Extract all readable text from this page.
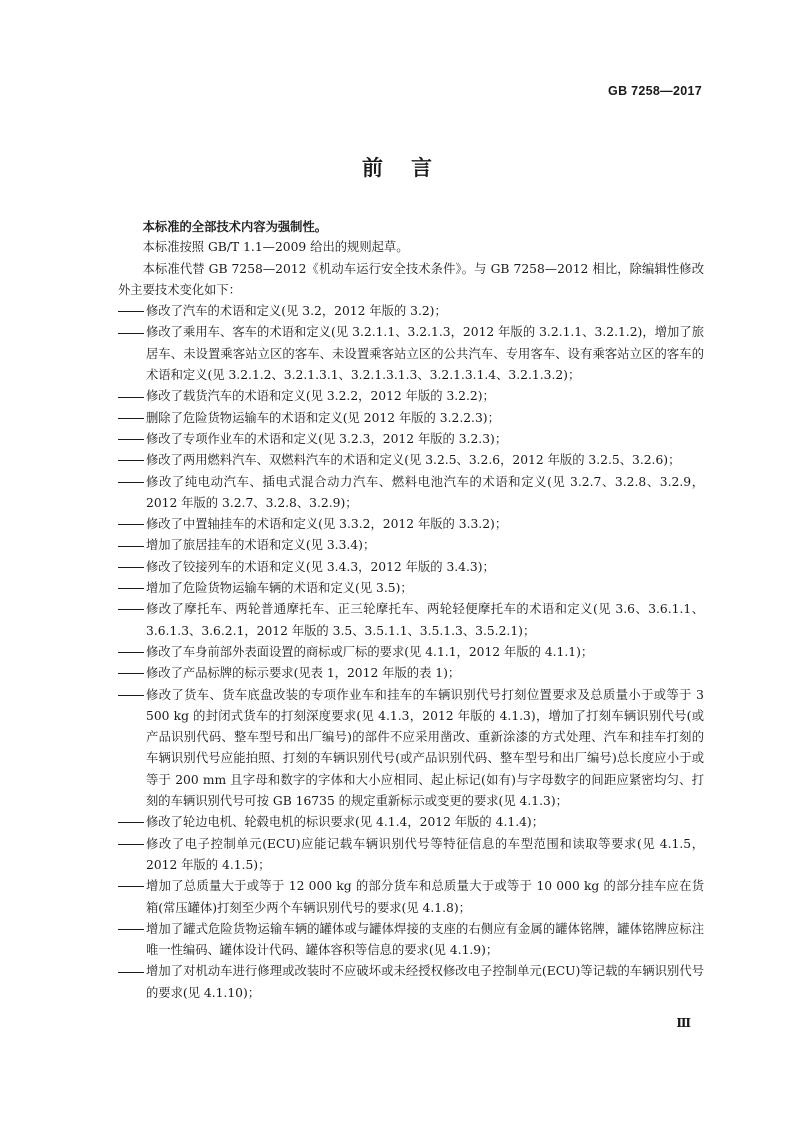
GB 7258—2017
前言

本标准的全部技术内容为强制性。

本标准按照 GB/T 1.1—2009 给出的规则起草。

本标准代替 GB 7258—2012《机动车运行安全技术条件》。与 GB 7258—2012 相比，除编辑性修改外主要技术变化如下：

修改了汽车的术语和定义(见 3.2，2012 年版的 3.2)；
修改了乘用车、客车的术语和定义(见 3.2.1.1、3.2.1.3，2012 年版的 3.2.1.1、3.2.1.2)，增加了旅居车、未设置乘客站立区的客车、未设置乘客站立区的公共汽车、专用客车、设有乘客站立区的客车的术语和定义(见 3.2.1.2、3.2.1.3.1、3.2.1.3.1.3、3.2.1.3.1.4、3.2.1.3.2)；
修改了载货汽车的术语和定义(见 3.2.2，2012 年版的 3.2.2)；
删除了危险货物运输车的术语和定义(见 2012 年版的 3.2.2.3)；
修改了专项作业车的术语和定义(见 3.2.3，2012 年版的 3.2.3)；
修改了两用燃料汽车、双燃料汽车的术语和定义(见 3.2.5、3.2.6，2012 年版的 3.2.5、3.2.6)；
修改了纯电动汽车、插电式混合动力汽车、燃料电池汽车的术语和定义(见 3.2.7、3.2.8、3.2.9，2012 年版的 3.2.7、3.2.8、3.2.9)；
修改了中置轴挂车的术语和定义(见 3.3.2，2012 年版的 3.3.2)；
增加了旅居挂车的术语和定义(见 3.3.4)；
修改了铰接列车的术语和定义(见 3.4.3，2012 年版的 3.4.3)；
增加了危险货物运输车辆的术语和定义(见 3.5)；
修改了摩托车、两轮普通摩托车、正三轮摩托车、两轮轻便摩托车的术语和定义(见 3.6、3.6.1.1、3.6.1.3、3.6.2.1，2012 年版的 3.5、3.5.1.1、3.5.1.3、3.5.2.1)；
修改了车身前部外表面设置的商标或厂标的要求(见 4.1.1，2012 年版的 4.1.1)；
修改了产品标牌的标示要求(见表 1，2012 年版的表 1)；
修改了货车、货车底盘改装的专项作业车和挂车的车辆识别代号打刻位置要求及总质量小于或等于 3 500 kg 的封闭式货车的打刻深度要求(见 4.1.3，2012 年版的 4.1.3)，增加了打刻车辆识别代号(或产品识别代码、整车型号和出厂编号)的部件不应采用凿改、重新涂漆的方式处理、汽车和挂车打刻的车辆识别代号应能拍照、打刻的车辆识别代号(或产品识别代码、整车型号和出厂编号)总长度应小于或等于 200 mm 且字母和数字的字体和大小应相同、起止标记(如有)与字母数字的间距应紧密均匀、打刻的车辆识别代号可按 GB 16735 的规定重新标示或变更的要求(见 4.1.3)；
修改了轮边电机、轮毂电机的标识要求(见 4.1.4，2012 年版的 4.1.4)；
修改了电子控制单元(ECU)应能记载车辆识别代号等特征信息的车型范围和读取等要求(见 4.1.5，2012 年版的 4.1.5)；
增加了总质量大于或等于 12 000 kg 的部分货车和总质量大于或等于 10 000 kg 的部分挂车应在货箱(常压罐体)打刻至少两个车辆识别代号的要求(见 4.1.8)；
增加了罐式危险货物运输车辆的罐体或与罐体焊接的支座的右侧应有金属的罐体铭牌，罐体铭牌应标注唯一性编码、罐体设计代码、罐体容积等信息的要求(见 4.1.9)；
增加了对机动车进行修理或改装时不应破坏或未经授权修改电子控制单元(ECU)等记载的车辆识别代号的要求(见 4.1.10)；
Ⅲ
